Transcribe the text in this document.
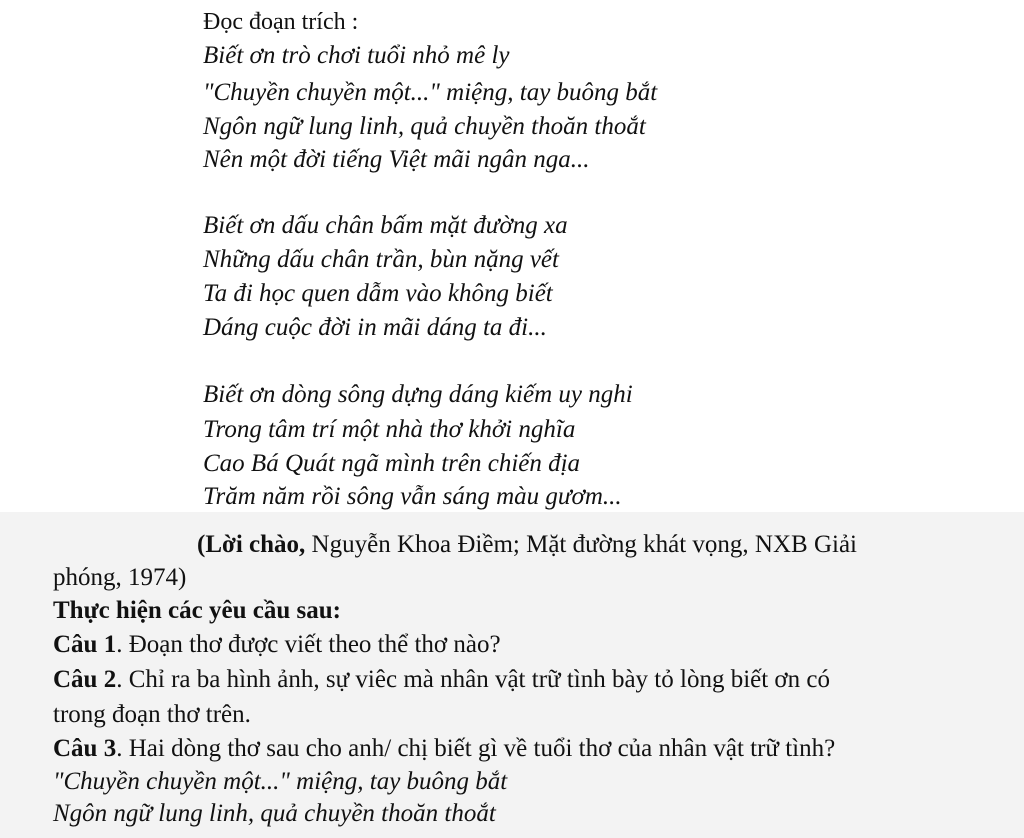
Đọc đoạn trích :
Biết ơn trò chơi tuổi nhỏ mê ly
"Chuyền chuyền một..." miệng, tay buông bắt
Ngôn ngữ lung linh, quả chuyền thoăn thoắt
Nên một đời tiếng Việt mãi ngân nga...
Biết ơn dấu chân bấm mặt đường xa
Những dấu chân trần, bùn nặng vết
Ta đi học quen dẫm vào không biết
Dáng cuộc đời in mãi dáng ta đi...
Biết ơn dòng sông dựng dáng kiếm uy nghi
Trong tâm trí một nhà thơ khởi nghĩa
Cao Bá Quát ngã mình trên chiến địa
Trăm năm rồi sông vẫn sáng màu gươm...
(Lời chào, Nguyễn Khoa Điềm; Mặt đường khát vọng, NXB Giải
phóng, 1974)
Thực hiện các yêu cầu sau:
Câu 1. Đoạn thơ được viết theo thể thơ nào?
Câu 2. Chỉ ra ba hình ảnh, sự viêc mà nhân vật trữ tình bày tỏ lòng biết ơn có
trong đoạn thơ trên.
Câu 3. Hai dòng thơ sau cho anh/ chị biết gì về tuổi thơ của nhân vật trữ tình?
"Chuyền chuyền một..." miệng, tay buông bắt
Ngôn ngữ lung linh, quả chuyền thoăn thoắt
